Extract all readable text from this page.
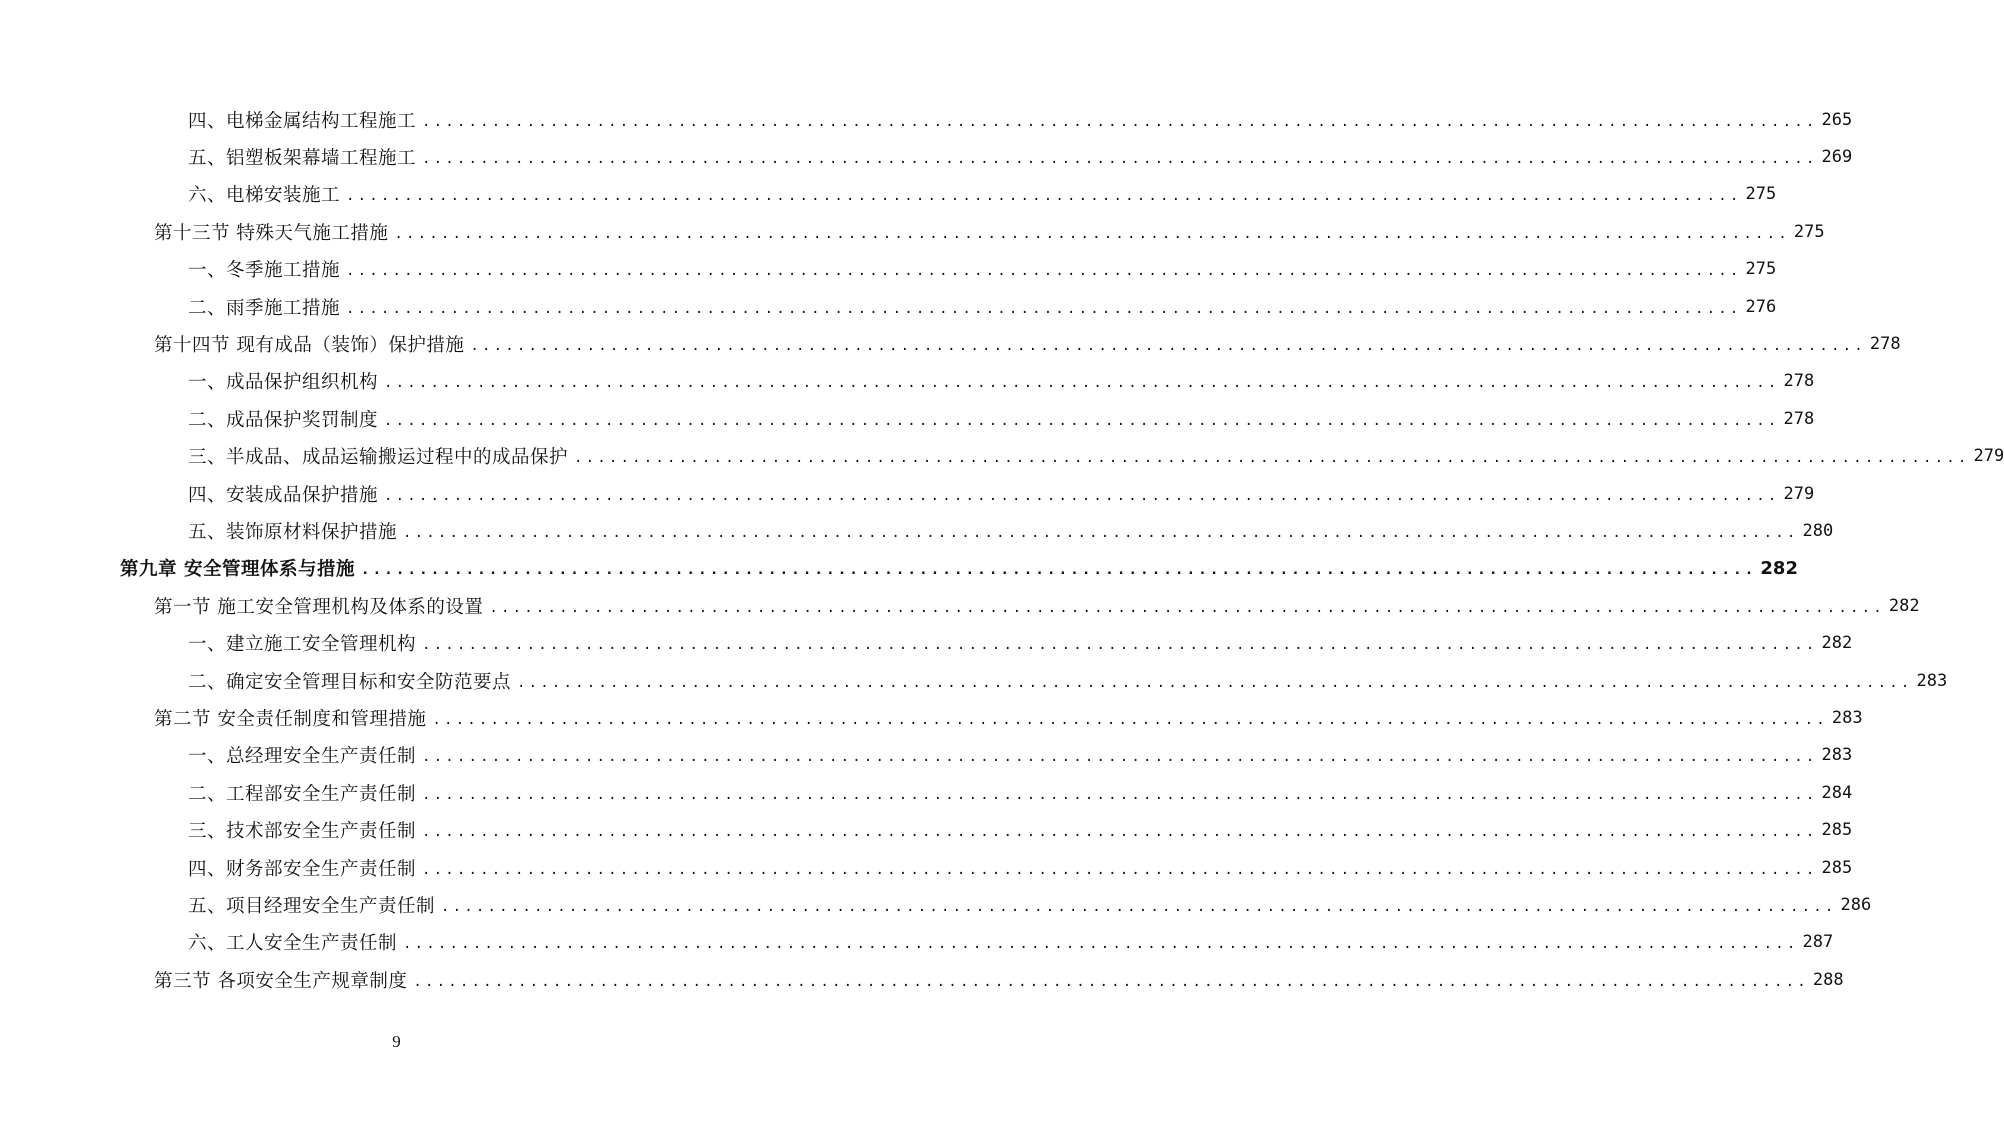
四、电梯金属结构工程施工 ........................................................................................................................ 265
五、铝塑板架幕墙工程施工 ........................................................................................................................ 269
六、电梯安装施工 ........................................................................................................................ 275
第十三节 特殊天气施工措施 ........................................................................................................................ 275
一、冬季施工措施 ........................................................................................................................ 275
二、雨季施工措施 ........................................................................................................................ 276
第十四节 现有成品（装饰）保护措施 ........................................................................................................................ 278
一、成品保护组织机构 ........................................................................................................................ 278
二、成品保护奖罚制度 ........................................................................................................................ 278
三、半成品、成品运输搬运过程中的成品保护 ........................................................................................................................ 279
四、安装成品保护措施 ........................................................................................................................ 279
五、装饰原材料保护措施 ........................................................................................................................ 280
第九章 安全管理体系与措施 ........................................................................................................................ 282
第一节 施工安全管理机构及体系的设置 ........................................................................................................................ 282
一、建立施工安全管理机构 ........................................................................................................................ 282
二、确定安全管理目标和安全防范要点 ........................................................................................................................ 283
第二节 安全责任制度和管理措施 ........................................................................................................................ 283
一、总经理安全生产责任制 ........................................................................................................................ 283
二、工程部安全生产责任制 ........................................................................................................................ 284
三、技术部安全生产责任制 ........................................................................................................................ 285
四、财务部安全生产责任制 ........................................................................................................................ 285
五、项目经理安全生产责任制 ........................................................................................................................ 286
六、工人安全生产责任制 ........................................................................................................................ 287
第三节 各项安全生产规章制度 ........................................................................................................................ 288
9
